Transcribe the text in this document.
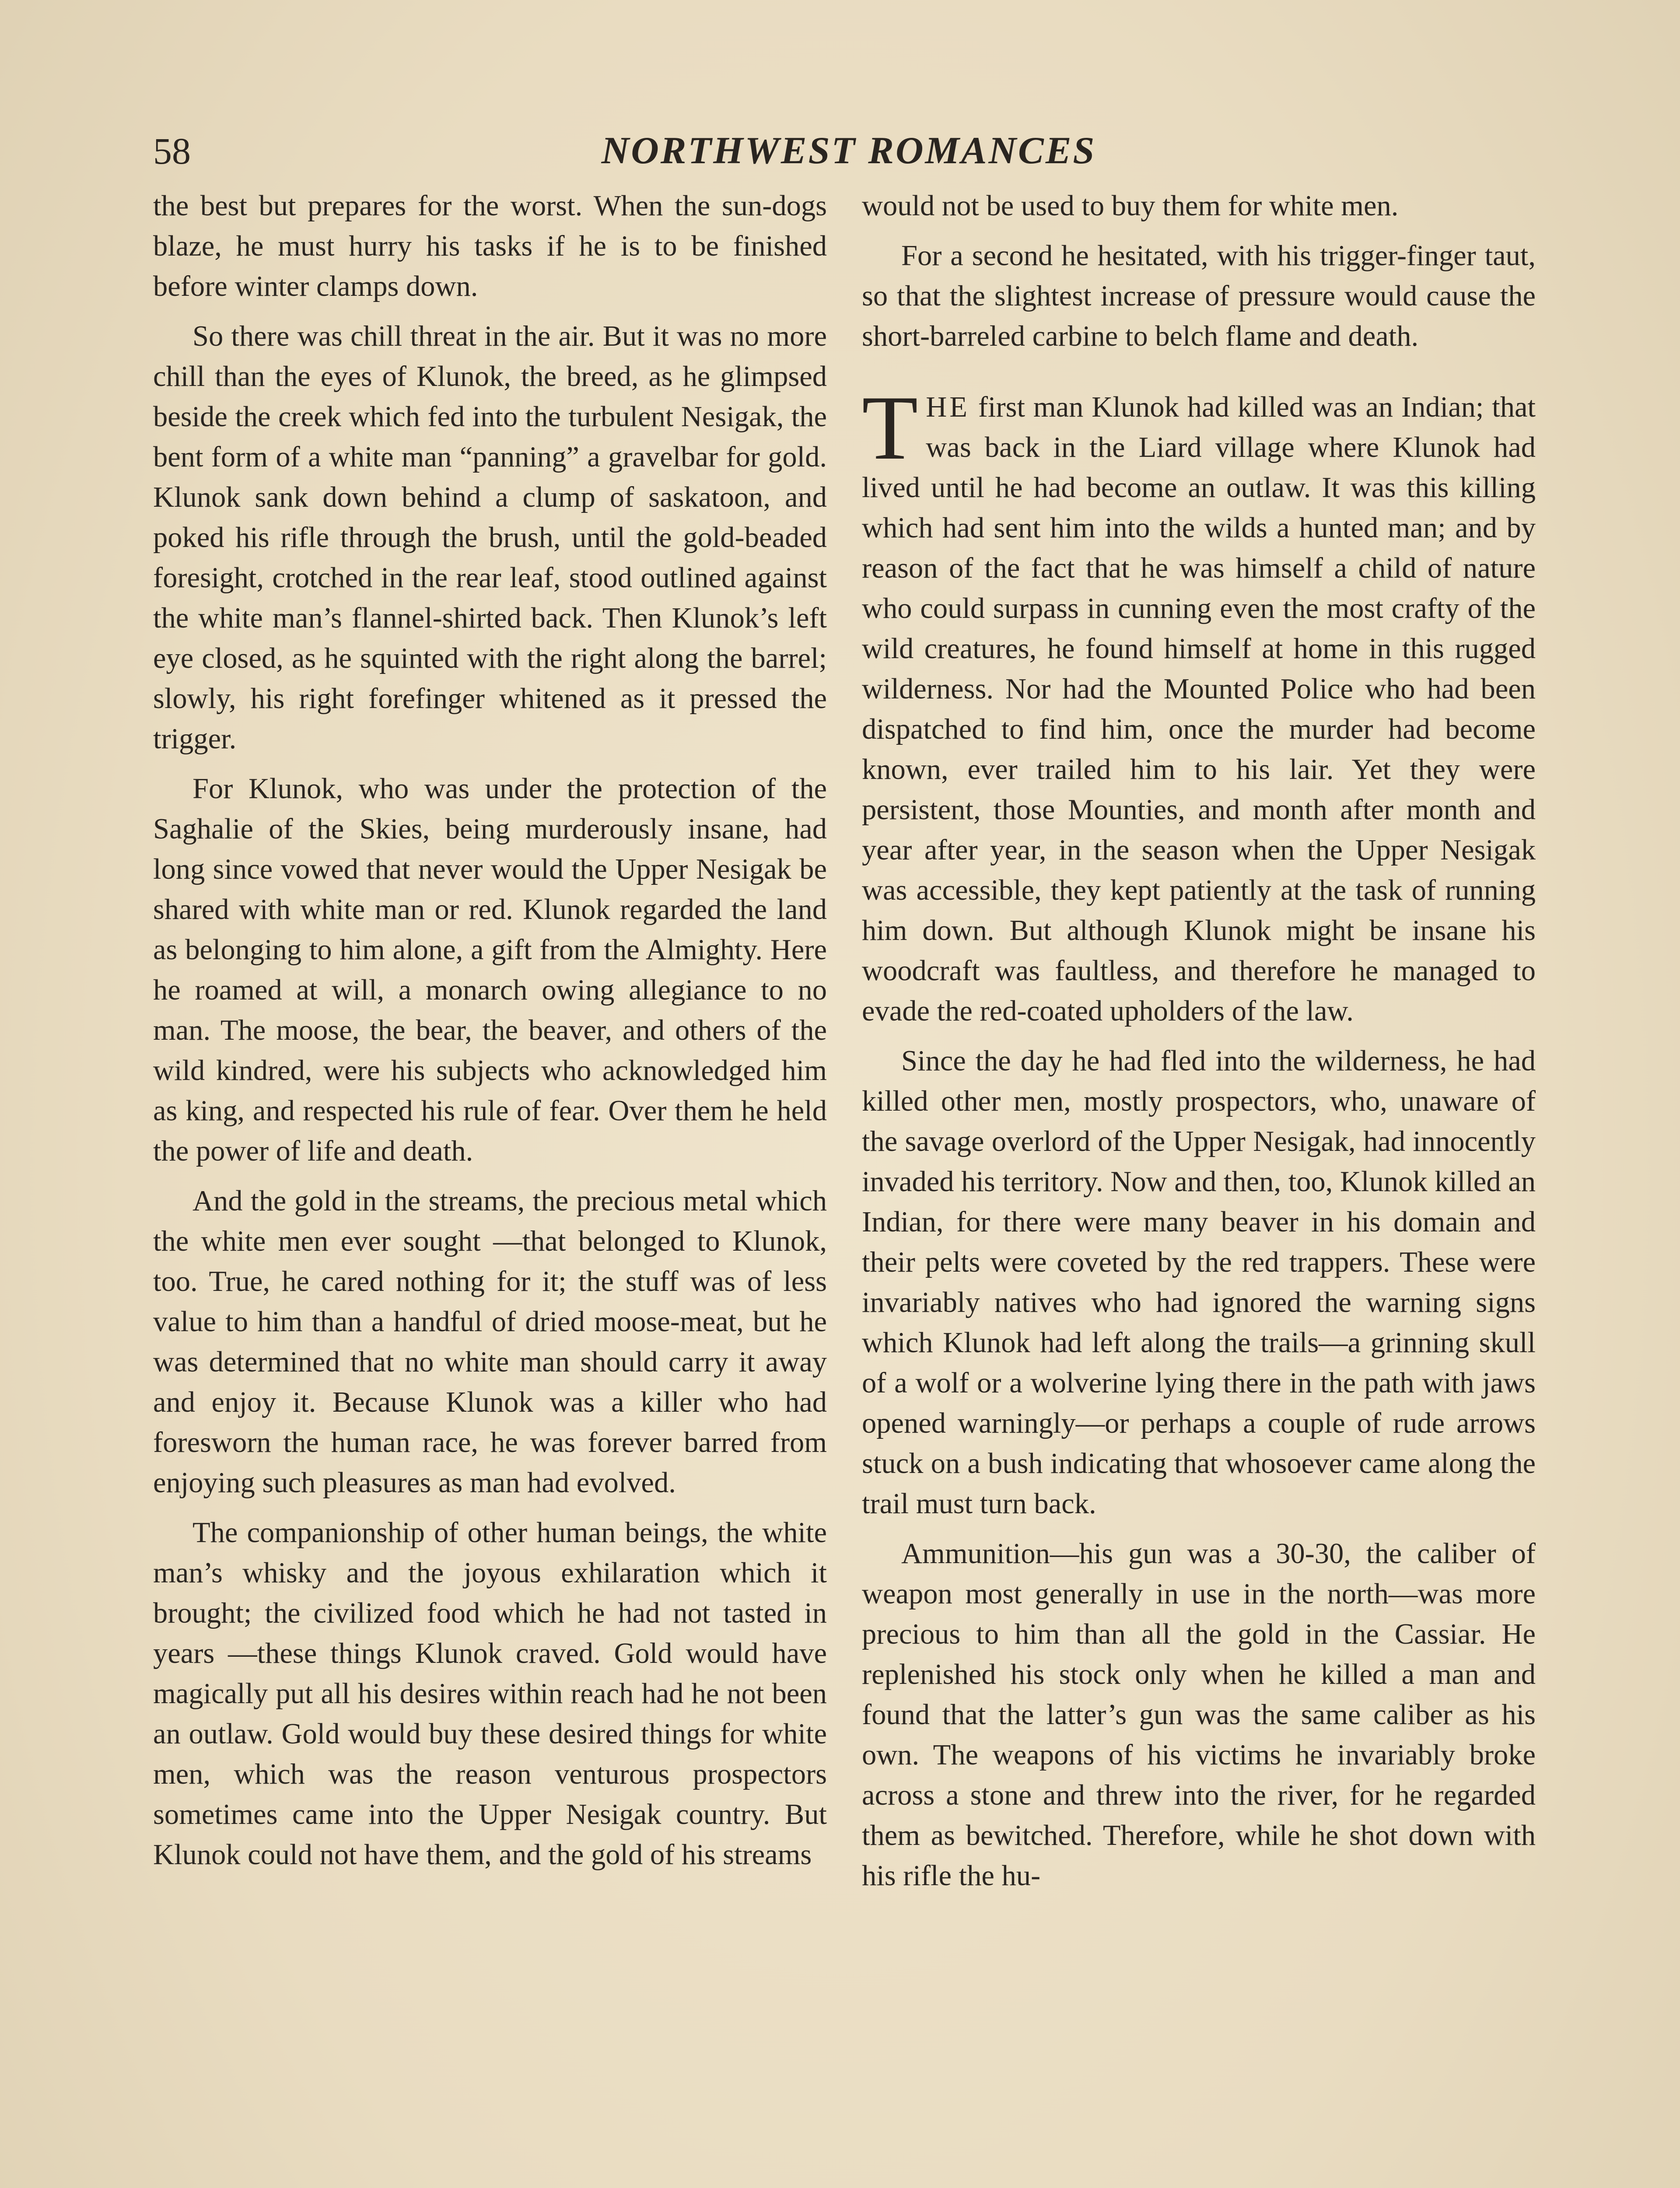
58	NORTHWEST ROMANCES

the best but prepares for the worst. When the sun-dogs blaze, he must hurry his tasks if he is to be finished before winter clamps down.

So there was chill threat in the air. But it was no more chill than the eyes of Klunok, the breed, as he glimpsed beside the creek which fed into the turbulent Nesigak, the bent form of a white man “panning” a gravelbar for gold. Klunok sank down behind a clump of saskatoon, and poked his rifle through the brush, until the gold-beaded foresight, crotched in the rear leaf, stood outlined against the white man’s flannel-shirted back. Then Klunok’s left eye closed, as he squinted with the right along the barrel; slowly, his right forefinger whitened as it pressed the trigger.

For Klunok, who was under the protection of the Saghalie of the Skies, being murderously insane, had long since vowed that never would the Upper Nesigak be shared with white man or red. Klunok regarded the land as belonging to him alone, a gift from the Almighty. Here he roamed at will, a monarch owing allegiance to no man. The moose, the bear, the beaver, and others of the wild kindred, were his subjects who acknowledged him as king, and respected his rule of fear. Over them he held the power of life and death.

And the gold in the streams, the precious metal which the white men ever sought —that belonged to Klunok, too. True, he cared nothing for it; the stuff was of less value to him than a handful of dried moose-meat, but he was determined that no white man should carry it away and enjoy it. Because Klunok was a killer who had foresworn the human race, he was forever barred from enjoying such pleasures as man had evolved.

The companionship of other human beings, the white man’s whisky and the joyous exhilaration which it brought; the civilized food which he had not tasted in years —these things Klunok craved. Gold would have magically put all his desires within reach had he not been an outlaw. Gold would buy these desired things for white men, which was the reason venturous prospectors sometimes came into the Upper Nesigak country. But Klunok could not have them, and the gold of his streams

would not be used to buy them for white men.

For a second he hesitated, with his trigger-finger taut, so that the slightest increase of pressure would cause the short-barreled carbine to belch flame and death.

THE first man Klunok had killed was an Indian; that was back in the Liard village where Klunok had lived until he had become an outlaw. It was this killing which had sent him into the wilds a hunted man; and by reason of the fact that he was himself a child of nature who could surpass in cunning even the most crafty of the wild creatures, he found himself at home in this rugged wilderness. Nor had the Mounted Police who had been dispatched to find him, once the murder had become known, ever trailed him to his lair. Yet they were persistent, those Mounties, and month after month and year after year, in the season when the Upper Nesigak was accessible, they kept patiently at the task of running him down. But although Klunok might be insane his woodcraft was faultless, and therefore he managed to evade the red-coated upholders of the law.

Since the day he had fled into the wilderness, he had killed other men, mostly prospectors, who, unaware of the savage overlord of the Upper Nesigak, had innocently invaded his territory. Now and then, too, Klunok killed an Indian, for there were many beaver in his domain and their pelts were coveted by the red trappers. These were invariably natives who had ignored the warning signs which Klunok had left along the trails—a grinning skull of a wolf or a wolverine lying there in the path with jaws opened warningly—or perhaps a couple of rude arrows stuck on a bush indicating that whosoever came along the trail must turn back.

Ammunition—his gun was a 30-30, the caliber of weapon most generally in use in the north—was more precious to him than all the gold in the Cassiar. He replenished his stock only when he killed a man and found that the latter’s gun was the same caliber as his own. The weapons of his victims he invariably broke across a stone and threw into the river, for he regarded them as bewitched. Therefore, while he shot down with his rifle the hu-
